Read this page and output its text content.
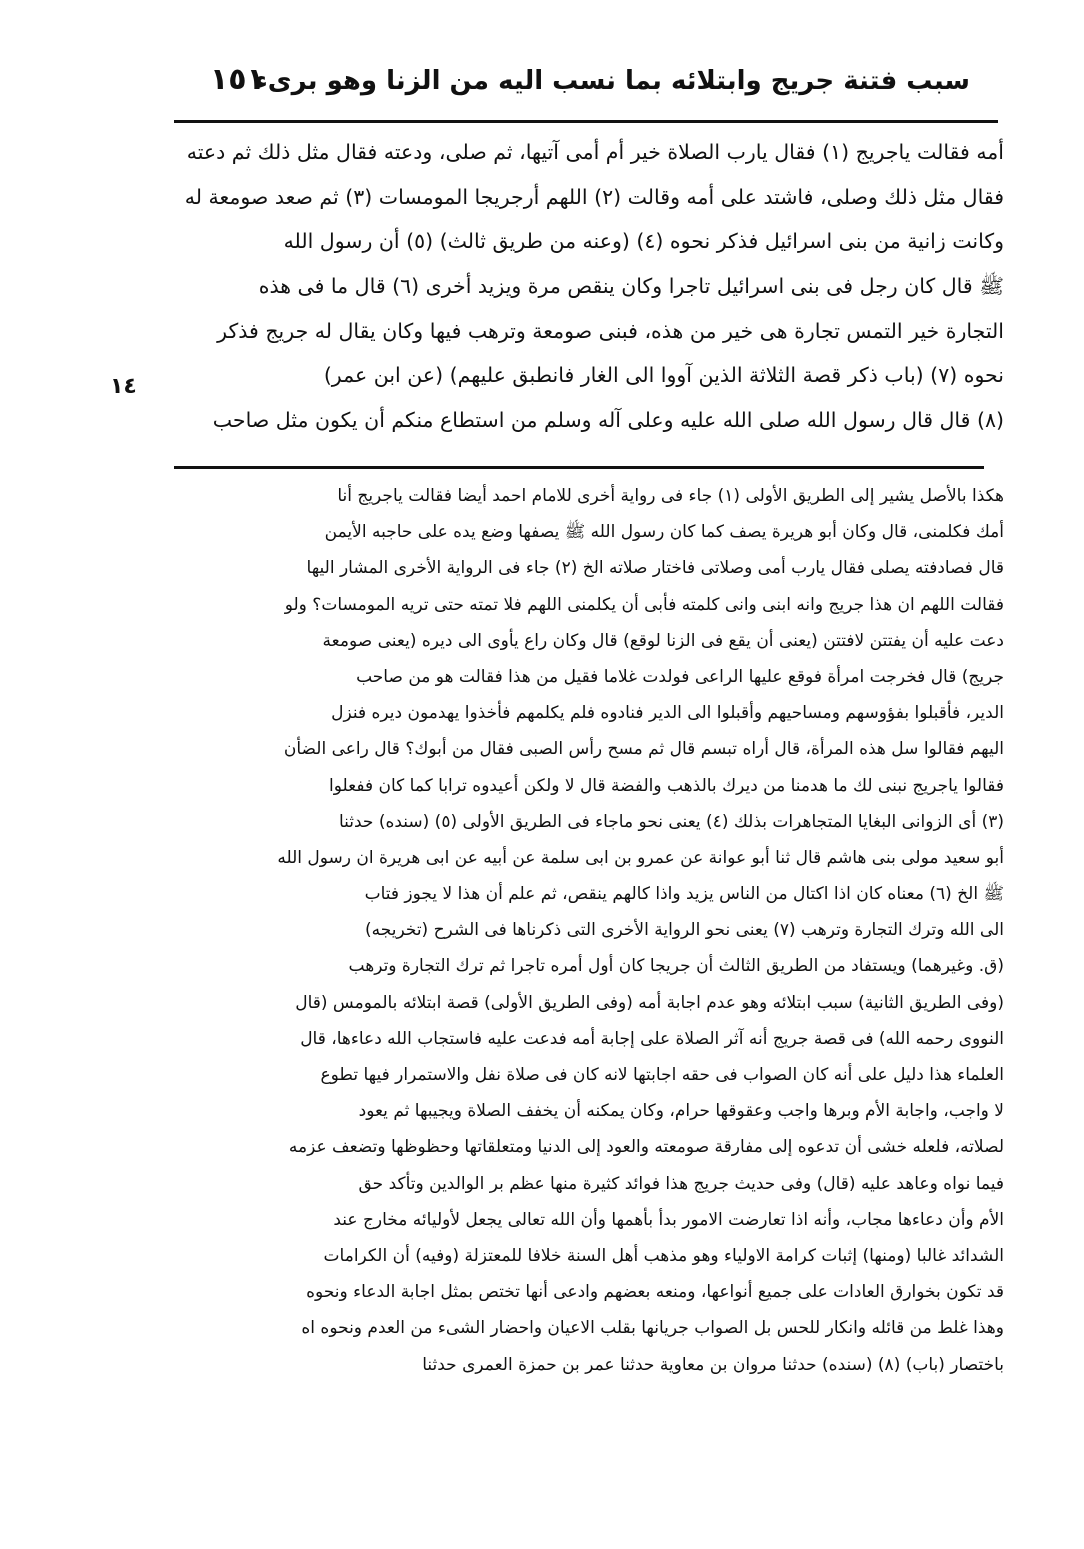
١٥١
سبب فتنة جريج وابتلائه بما نسب اليه من الزنا وهو برىء
١٤
أمه فقالت ياجريج (١) فقال يارب الصلاة خير أم أمى آتيها، ثم صلى، ودعته فقال مثل ذلك ثم دعته
فقال مثل ذلك وصلى، فاشتد على أمه وقالت (٢) اللهم أرجريجا المومسات (٣) ثم صعد صومعة له
وكانت زانية من بنى اسرائيل فذكر نحوه (٤) (وعنه من طريق ثالث) (٥) أن رسول الله
ﷺ قال كان رجل فى بنى اسرائيل تاجرا وكان ينقص مرة ويزيد أخرى (٦) قال ما فى هذه
التجارة خير التمس تجارة هى خير من هذه، فبنى صومعة وترهب فيها وكان يقال له جريج فذكر
نحوه (٧) (باب ذكر قصة الثلاثة الذين آووا الى الغار فانطبق عليهم) (عن ابن عمر)
(٨) قال قال رسول الله صلى الله عليه وعلى آله وسلم من استطاع منكم أن يكون مثل صاحب
هكذا بالأصل يشير إلى الطريق الأولى (١) جاء فى رواية أخرى للامام احمد أيضا فقالت ياجريج أنا
أمك فكلمنى، قال وكان أبو هريرة يصف كما كان رسول الله ﷺ يصفها وضع يده على حاجبه الأيمن
قال فصادفته يصلى فقال يارب أمى وصلاتى فاختار صلاته الخ (٢) جاء فى الرواية الأخرى المشار اليها
فقالت اللهم ان هذا جريج وانه ابنى وانى كلمته فأبى أن يكلمنى اللهم فلا تمته حتى تريه المومسات؟ ولو
دعت عليه أن يفتتن لافتتن (يعنى أن يقع فى الزنا لوقع) قال وكان راع يأوى الى ديره (يعنى صومعة
جريج) قال فخرجت امرأة فوقع عليها الراعى فولدت غلاما فقيل من هذا فقالت هو من صاحب
الدير، فأقبلوا بفؤوسهم ومساحيهم وأقبلوا الى الدير فنادوه فلم يكلمهم فأخذوا يهدمون ديره فنزل
اليهم فقالوا سل هذه المرأة، قال أراه تبسم قال ثم مسح رأس الصبى فقال من أبوك؟ قال راعى الضأن
فقالوا ياجريج نبنى لك ما هدمنا من ديرك بالذهب والفضة قال لا ولكن أعيدوه ترابا كما كان ففعلوا
(٣) أى الزوانى البغايا المتجاهرات بذلك (٤) يعنى نحو ماجاء فى الطريق الأولى (٥) (سنده) حدثنا
أبو سعيد مولى بنى هاشم قال ثنا أبو عوانة عن عمرو بن ابى سلمة عن أبيه عن ابى هريرة ان رسول الله
ﷺ الخ (٦) معناه كان اذا اكتال من الناس يزيد واذا كالهم ينقص، ثم علم أن هذا لا يجوز فتاب
الى الله وترك التجارة وترهب (٧) يعنى نحو الرواية الأخرى التى ذكرناها فى الشرح (تخريجه)
(ق. وغيرهما) ويستفاد من الطريق الثالث أن جريجا كان أول أمره تاجرا ثم ترك التجارة وترهب
(وفى الطريق الثانية) سبب ابتلائه وهو عدم اجابة أمه (وفى الطريق الأولى) قصة ابتلائه بالمومس (قال
النووى رحمه الله) فى قصة جريج أنه آثر الصلاة على إجابة أمه فدعت عليه فاستجاب الله دعاءها، قال
العلماء هذا دليل على أنه كان الصواب فى حقه اجابتها لانه كان فى صلاة نفل والاستمرار فيها تطوع
لا واجب، واجابة الأم وبرها واجب وعقوقها حرام، وكان يمكنه أن يخفف الصلاة ويجيبها ثم يعود
لصلاته، فلعله خشى أن تدعوه إلى مفارقة صومعته والعود إلى الدنيا ومتعلقاتها وحظوظها وتضعف عزمه
فيما نواه وعاهد عليه (قال) وفى حديث جريج هذا فوائد كثيرة منها عظم بر الوالدين وتأكد حق
الأم وأن دعاءها مجاب، وأنه اذا تعارضت الامور بدأ بأهمها وأن الله تعالى يجعل لأوليائه مخارج عند
الشدائد غالبا (ومنها) إثبات كرامة الاولياء وهو مذهب أهل السنة خلافا للمعتزلة (وفيه) أن الكرامات
قد تكون بخوارق العادات على جميع أنواعها، ومنعه بعضهم وادعى أنها تختص بمثل اجابة الدعاء ونحوه
وهذا غلط من قائله وانكار للحس بل الصواب جريانها بقلب الاعيان واحضار الشىء من العدم ونحوه اه
باختصار (باب) (٨) (سنده) حدثنا مروان بن معاوية حدثنا عمر بن حمزة العمرى حدثنا
